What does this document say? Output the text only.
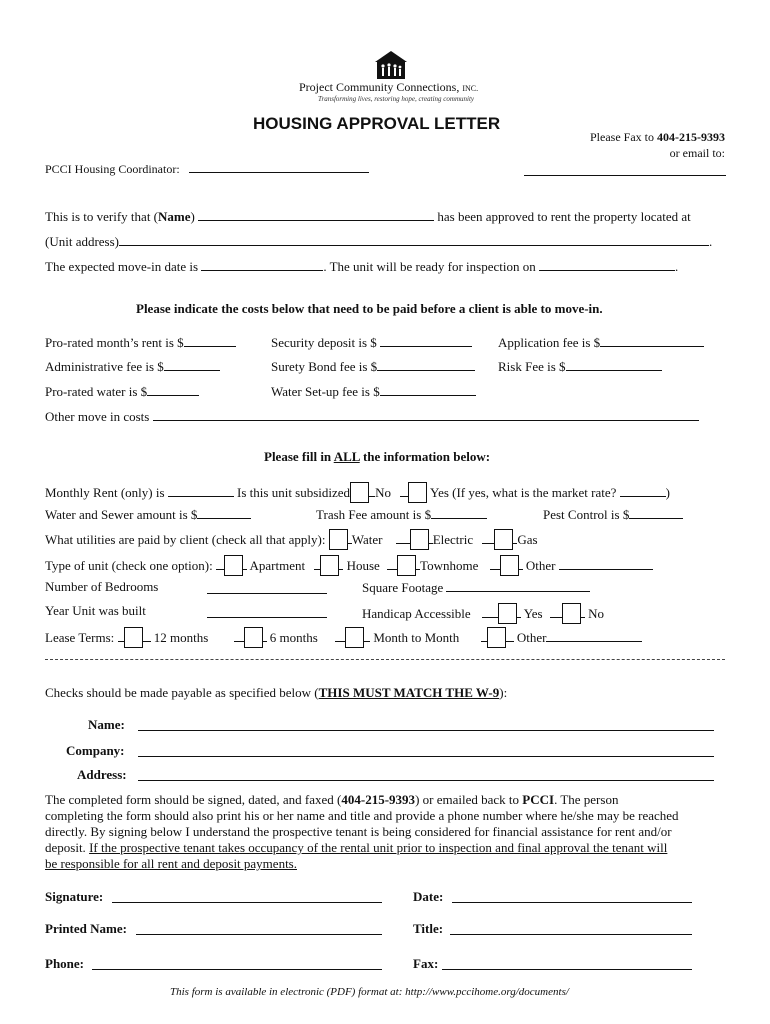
Project Community Connections, INC.
Transforming lives, restoring hope, creating community
HOUSING APPROVAL LETTER
Please Fax to 404-215-9393
or email to:
PCCI Housing Coordinator:
This is to verify that (Name)	has been approved to rent the property located at
(Unit address)	.
The expected move-in date is	. The unit will be ready for inspection on	.
Please indicate the costs below that need to be paid before a client is able to move-in.
Pro-rated month’s rent is $	Security deposit is $	Application fee is $
Administrative fee is $	Surety Bond fee is $	Risk Fee is $
Pro-rated water is $	Water Set-up fee is $
Other move in costs
Please fill in ALL the information below:
Monthly Rent (only) is	Is this unit subsidized No	Yes (If yes, what is the market rate?	)
Water and Sewer amount is $	Trash Fee amount is $	Pest Control is $
What utilities are paid by client (check all that apply): Water	Electric	Gas
Type of unit (check one option):	Apartment	House	Townhome	Other
Number of Bedrooms	Square Footage
Year Unit was built	Handicap Accessible	Yes	No
Lease Terms:	12 months	6 months	Month to Month	Other
Checks should be made payable as specified below (THIS MUST MATCH THE W-9):
Name:
Company:
Address:
The completed form should be signed, dated, and faxed (404-215-9393) or emailed back to PCCI. The person
completing the form should also print his or her name and title and provide a phone number where he/she may be reached
directly. By signing below I understand the prospective tenant is being considered for financial assistance for rent and/or
deposit. If the prospective tenant takes occupancy of the rental unit prior to inspection and final approval the tenant will
be responsible for all rent and deposit payments.
Signature:	Date:
Printed Name:	Title:
Phone:	Fax:
This form is available in electronic (PDF) format at: http://www.pccihome.org/documents/
